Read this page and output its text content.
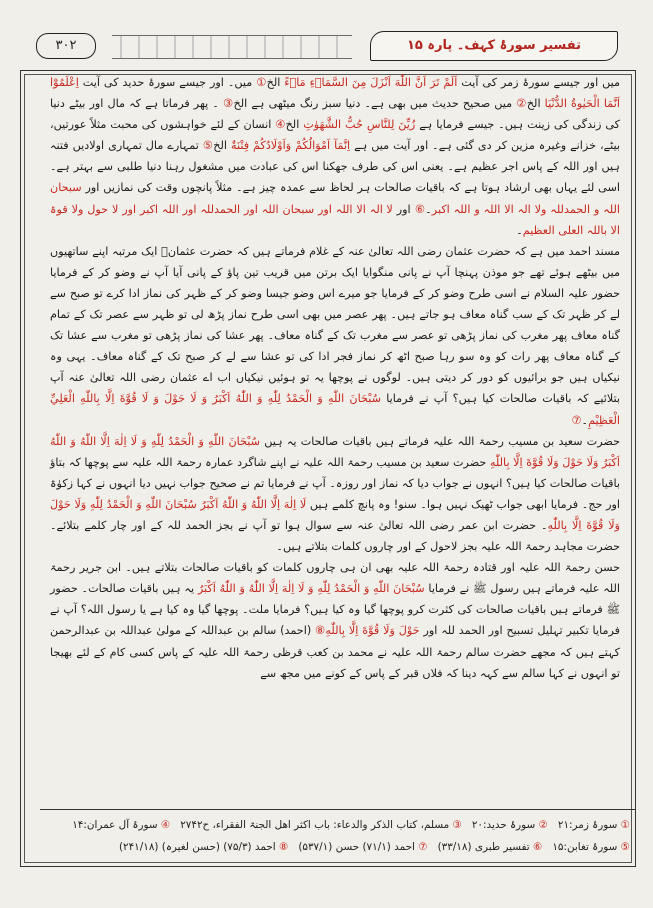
۳۰۲	تفسیر سورۂ کہف۔ پارہ ۱۵

میں اور جیسے سورۂ زمر کی آیت اَلَمْ تَرَ اَنَّ اللّٰهَ اَنْزَلَ مِنَ السَّمَاۗءِ مَاۗءً الخ① میں۔ اور جیسے سورۂ حدید کی آیت اِعْلَمُوْٓا اَنَّمَا الْحَيٰوةُ الدُّنْيَا الخ② میں صحیح حدیث میں بھی ہے۔ دنیا سبز رنگ میٹھی ہے الخ③ ۔ پھر فرماتا ہے کہ مال اور بیٹے دنیا کی زندگی کی زینت ہیں۔ جیسے فرمایا ہے زُيِّنَ لِلنَّاسِ حُبُّ الشَّهَوٰتِ الخ④ انسان کے لئے خواہشوں کی محبت مثلاً عورتیں، بیٹے، خزانے وغیرہ مزین کر دی گئی ہے۔ اور آیت میں ہے اِنَّمَآ اَمْوَالُكُمْ وَاَوْلَادُكُمْ فِتْنَةٌ الخ⑤ تمہارے مال تمہاری اولادیں فتنہ ہیں اور اللہ کے پاس اجر عظیم ہے۔ یعنی اس کی طرف جھکنا اس کی عبادت میں مشغول رہنا دنیا طلبی سے بہتر ہے۔ اسی لئے یہاں بھی ارشاد ہوتا ہے کہ باقیات صالحات ہر لحاظ سے عمدہ چیز ہے۔ مثلاً پانچوں وقت کی نمازیں اور سبحان اللہ و الحمدللہ ولا الہ الا اللہ و اللہ اکبر۔⑥ اور لا الہ الا اللہ اور سبحان اللہ اور الحمدللہ اور اللہ اکبر اور لا حول ولا قوۃ الا باللہ العلی العظیم۔

مسند احمد میں ہے کہ حضرت عثمان رضی اللہ تعالیٰ عنہ کے غلام فرماتے ہیں کہ حضرت عثمانؓ ایک مرتبہ اپنے ساتھیوں میں بیٹھے ہوئے تھے جو موذن پہنچا آپ نے پانی منگوایا ایک برتن میں قریب تین پاؤ کے پانی آیا آپ نے وضو کر کے فرمایا حضور علیہ السلام نے اسی طرح وضو کر کے فرمایا جو میرے اس وضو جیسا وضو کر کے ظہر کی نماز ادا کرے تو صبح سے لے کر ظہر تک کے سب گناہ معاف ہو جاتے ہیں۔ پھر عصر میں بھی اسی طرح نماز پڑھ لی تو ظہر سے عصر تک کے تمام گناہ معاف پھر مغرب کی نماز پڑھی تو عصر سے مغرب تک کے گناہ معاف۔ پھر عشا کی نماز پڑھی تو مغرب سے عشا تک کے گناہ معاف پھر رات کو وہ سو رہا صبح اٹھ کر نماز فجر ادا کی تو عشا سے لے کر صبح تک کے گناہ معاف۔ یہی وہ نیکیاں ہیں جو برائیوں کو دور کر دیتی ہیں۔ لوگوں نے پوچھا یہ تو ہوئیں نیکیاں اب اے عثمان رضی اللہ تعالیٰ عنہ آپ بتلائیے کہ باقیات صالحات کیا ہیں؟ آپ نے فرمایا سُبْحَانَ اللّٰهِ وَ الْحَمْدُ لِلّٰهِ وَ اللّٰهُ اَكْبَرُ وَ لَا حَوْلَ وَ لَا قُوَّةَ اِلَّا بِاللّٰهِ الْعَلِيِّ الْعَظِيْمِ۔⑦

حضرت سعید بن مسیب رحمۃ اللہ علیہ فرماتے ہیں باقیات صالحات یہ ہیں سُبْحَانَ اللّٰهِ وَ الْحَمْدُ لِلّٰهِ وَ لَا اِلٰهَ اِلَّا اللّٰهُ وَ اللّٰهُ اَكْبَرُ وَلَا حَوْلَ وَلَا قُوَّةَ اِلَّا بِاللّٰهِ حضرت سعید بن مسیب رحمۃ اللہ علیہ نے اپنے شاگرد عمارہ رحمۃ اللہ علیہ سے پوچھا کہ بتاؤ باقیات صالحات کیا ہیں؟ انہوں نے جواب دیا کہ نماز اور روزہ۔ آپ نے فرمایا تم نے صحیح جواب نہیں دیا انہوں نے کہا زکوٰۃ اور حج۔ فرمایا ابھی جواب ٹھیک نہیں ہوا۔ سنو! وہ پانچ کلمے ہیں لَا اِلٰهَ اِلَّا اللّٰهُ وَ اللّٰهُ اَكْبَرُ سُبْحَانَ اللّٰهِ وَ الْحَمْدُ لِلّٰهِ وَلَا حَوْلَ وَلَا قُوَّةَ اِلَّا بِاللّٰهِ۔ حضرت ابن عمر رضی اللہ تعالیٰ عنہ سے سوال ہوا تو آپ نے بجز الحمد للہ کے اور چار کلمے بتلائے۔ حضرت مجاہد رحمۃ اللہ علیہ بجز لاحول کے اور چاروں کلمات بتلاتے ہیں۔

حسن رحمۃ اللہ علیہ اور قتادہ رحمۃ اللہ علیہ بھی ان ہی چاروں کلمات کو باقیات صالحات بتلاتے ہیں۔ ابن جریر رحمۃ اللہ علیہ فرماتے ہیں رسول ﷺ نے فرمایا سُبْحَانَ اللّٰهِ وَ الْحَمْدُ لِلّٰهِ وَ لَا اِلٰهَ اِلَّا اللّٰهُ وَ اللّٰهُ اَكْبَرُ یہ ہیں باقیات صالحات۔ حضور ﷺ فرماتے ہیں باقیات صالحات کی کثرت کرو پوچھا گیا وہ کیا ہیں؟ فرمایا ملت۔ پوچھا گیا وہ کیا ہے یا رسول اللہ؟ آپ نے فرمایا تکبیر تہلیل تسبیح اور الحمد للہ اور حَوْلَ وَلَا قُوَّةَ اِلَّا بِاللّٰهِ⑧ (احمد) سالم بن عبداللہ کے مولیٰ عبداللہ بن عبدالرحمن کہتے ہیں کہ مجھے حضرت سالم رحمۃ اللہ علیہ نے محمد بن کعب قرظی رحمۃ اللہ علیہ کے پاس کسی کام کے لئے بھیجا تو انہوں نے کہا سالم سے کہہ دینا کہ فلاں قبر کے پاس کے کونے میں مجھ سے

① سورۂ زمر:۲۱
② سورۂ حدید:۲۰
③ مسلم، کتاب الذکر والدعاء: باب اکثر اھل الجنۃ الفقراء، ح۲۷۴۲
④ سورۂ آل عمران:۱۴
⑤ سورۂ تغابن:۱۵
⑥ تفسیر طبری (۳۳/۱۸)
⑦ احمد (۷۱/۱) حسن (۵۳۷/۱)
⑧ احمد (۷۵/۳) (حسن لغیرہ) (۲۴۱/۱۸)
